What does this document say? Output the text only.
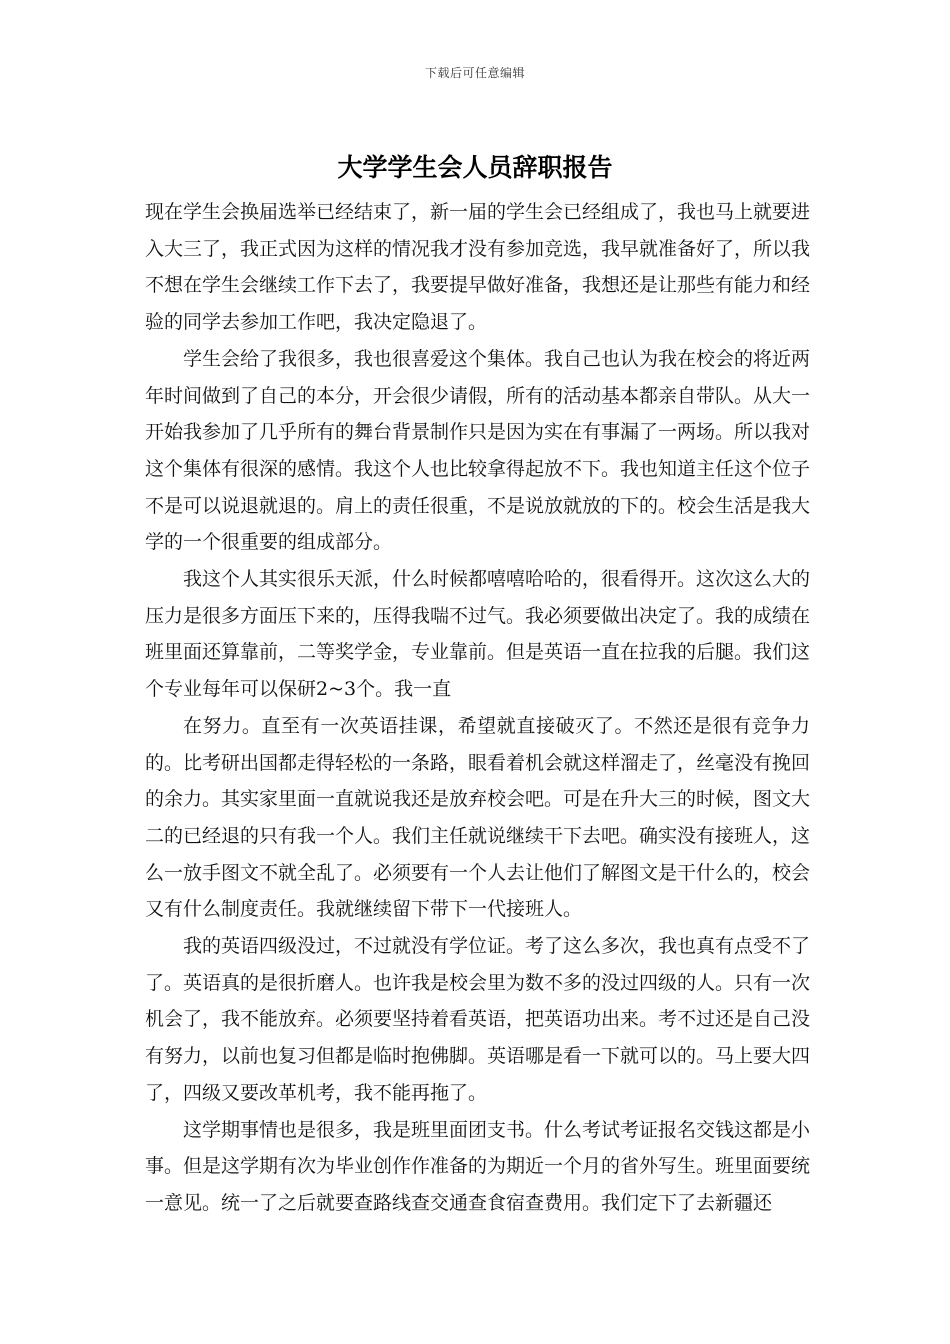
下载后可任意编辑
大学学生会人员辞职报告

现在学生会换届选举已经结束了，新一届的学生会已经组成了，我也马上就要进入大三了，我正式因为这样的情况我才没有参加竞选，我早就准备好了，所以我不想在学生会继续工作下去了，我要提早做好准备，我想还是让那些有能力和经验的同学去参加工作吧，我决定隐退了。

学生会给了我很多，我也很喜爱这个集体。我自己也认为我在校会的将近两年时间做到了自己的本分，开会很少请假，所有的活动基本都亲自带队。从大一开始我参加了几乎所有的舞台背景制作只是因为实在有事漏了一两场。所以我对这个集体有很深的感情。我这个人也比较拿得起放不下。我也知道主任这个位子不是可以说退就退的。肩上的责任很重，不是说放就放的下的。校会生活是我大学的一个很重要的组成部分。

我这个人其实很乐天派，什么时候都嘻嘻哈哈的，很看得开。这次这么大的压力是很多方面压下来的，压得我喘不过气。我必须要做出决定了。我的成绩在班里面还算靠前，二等奖学金，专业靠前。但是英语一直在拉我的后腿。我们这个专业每年可以保研2~3个。我一直

在努力。直至有一次英语挂课，希望就直接破灭了。不然还是很有竞争力的。比考研出国都走得轻松的一条路，眼看着机会就这样溜走了，丝毫没有挽回的余力。其实家里面一直就说我还是放弃校会吧。可是在升大三的时候，图文大二的已经退的只有我一个人。我们主任就说继续干下去吧。确实没有接班人，这么一放手图文不就全乱了。必须要有一个人去让他们了解图文是干什么的，校会又有什么制度责任。我就继续留下带下一代接班人。

我的英语四级没过，不过就没有学位证。考了这么多次，我也真有点受不了了。英语真的是很折磨人。也许我是校会里为数不多的没过四级的人。只有一次机会了，我不能放弃。必须要坚持着看英语，把英语功出来。考不过还是自己没有努力，以前也复习但都是临时抱佛脚。英语哪是看一下就可以的。马上要大四了，四级又要改革机考，我不能再拖了。

这学期事情也是很多，我是班里面团支书。什么考试考证报名交钱这都是小事。但是这学期有次为毕业创作作准备的为期近一个月的省外写生。班里面要统一意见。统一了之后就要查路线查交通查食宿查费用。我们定下了去新疆还
